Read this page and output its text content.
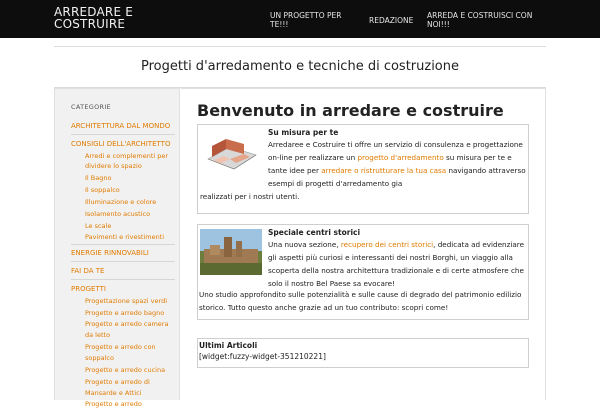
ARREDARE E
COSTRUIRE
UN PROGETTO PER TE!!!	REDAZIONE
ARREDA E COSTRUISCI CON NOI!!!
Progetti d'arredamento e tecniche di costruzione
CATEGORIE
ARCHITETTURA DAL MONDO
CONSIGLI DELL'ARCHITETTO
Arredi e complementi per
dividere lo spazio
Il Bagno
Il soppalco
Illuminazione e colore
Isolamento acustico
Le scale
Pavimenti e rivestimenti
ENERGIE RINNOVABILI
FAI DA TE
PROGETTI
Progettazione spazi verdi
Progetto e arredo bagno
Progetto e arredo camera
da letto
Progetto e arredo con
soppalco
Progetto e arredo cucina
Progetto e arredo di
Mansarde e Attici
Progetto e arredo
Benvenuto in arredare e costruire
Su misura per te

Arredaree e Costruire ti offre un servizio di consulenza e progettazione on-line per realizzare un progetto d'arredamento su misura per te e tante idee per arredare o ristrutturare la tua casa navigando attraverso esempi di progetti d'arredamento gia

realizzati per i nostri utenti.

Speciale centri storici

Una nuova sezione, recupero dei centri storici, dedicata ad evidenziare gli aspetti più curiosi e interessanti dei nostri Borghi, un viaggio alla scoperta della nostra architettura tradizionale e di certe atmosfere che solo il nostro Bel Paese sa evocare!

Uno studio approfondito sulle potenzialità e sulle cause di degrado del patrimonio edilizio storico. Tutto questo anche grazie ad un tuo contributo: scopri come!

Ultimi Articoli
[widget:fuzzy-widget-351210221]
